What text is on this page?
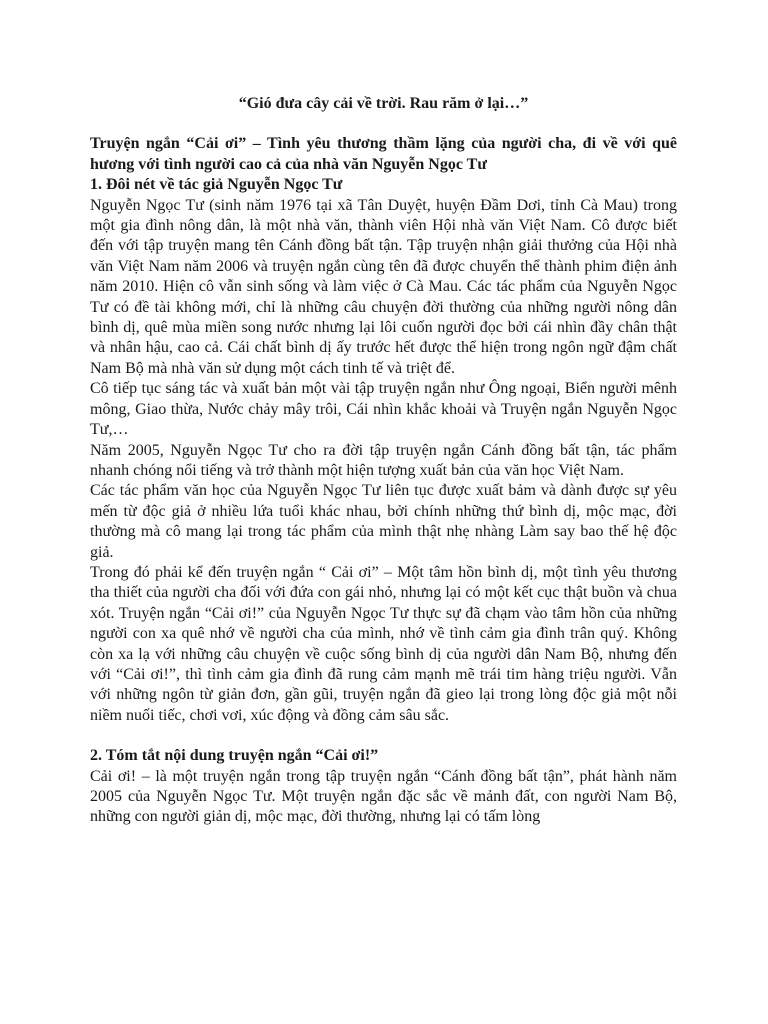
“Gió đưa cây cải về trời. Rau răm ở lại…”

Truyện ngắn “Cải ơi” – Tình yêu thương thầm lặng của người cha, đi về với quê hương với tình người cao cả của nhà văn Nguyễn Ngọc Tư

1. Đôi nét về tác giả Nguyễn Ngọc Tư

Nguyễn Ngọc Tư (sinh năm 1976 tại xã Tân Duyệt, huyện Đầm Dơi, tỉnh Cà Mau) trong một gia đình nông dân, là một nhà văn, thành viên Hội nhà văn Việt Nam. Cô được biết đến với tập truyện mang tên Cánh đồng bất tận. Tập truyện nhận giải thưởng của Hội nhà văn Việt Nam năm 2006 và truyện ngắn cùng tên đã được chuyển thể thành phim điện ảnh năm 2010. Hiện cô vẫn sinh sống và làm việc ở Cà Mau. Các tác phẩm của Nguyễn Ngọc Tư có đề tài không mới, chỉ là những câu chuyện đời thường của những người nông dân bình dị, quê mùa miền song nước nhưng lại lôi cuốn người đọc bởi cái nhìn đầy chân thật và nhân hậu, cao cả. Cái chất bình dị ấy trước hết được thể hiện trong ngôn ngữ đậm chất Nam Bộ mà nhà văn sử dụng một cách tinh tế và triệt để.

Cô tiếp tục sáng tác và xuất bản một vài tập truyện ngắn như Ông ngoại, Biển người mênh mông, Giao thừa, Nước chảy mây trôi, Cái nhìn khắc khoải và Truyện ngắn Nguyễn Ngọc Tư,…

Năm 2005, Nguyễn Ngọc Tư cho ra đời tập truyện ngắn Cánh đồng bất tận, tác phẩm nhanh chóng nổi tiếng và trở thành một hiện tượng xuất bản của văn học Việt Nam.

Các tác phẩm văn học của Nguyễn Ngọc Tư liên tục được xuất bảm và dành được sự yêu mến từ độc giả ở nhiều lứa tuổi khác nhau, bởi chính những thứ bình dị, mộc mạc, đời thường mà cô mang lại trong tác phẩm của mình thật nhẹ nhàng Làm say bao thế hệ độc giả.

Trong đó phải kể đến truyện ngắn “ Cải ơi” – Một tâm hồn bình dị, một tình yêu thương tha thiết của người cha đối với đứa con gái nhỏ, nhưng lại có một kết cục thật buồn và chua xót. Truyện ngắn “Cải ơi!” của Nguyễn Ngọc Tư thực sự đã chạm vào tâm hồn của những người con xa quê nhớ về người cha của mình, nhớ về tình cảm gia đình trân quý. Không còn xa lạ với những câu chuyện về cuộc sống bình dị của người dân Nam Bộ, nhưng đến với “Cải ơi!”, thì tình cảm gia đình đã rung cảm mạnh mẽ trái tim hàng triệu người. Vẫn với những ngôn từ giản đơn, gần gũi, truyện ngắn đã gieo lại trong lòng độc giả một nỗi niềm nuối tiếc, chơi vơi, xúc động và đồng cảm sâu sắc.

2. Tóm tắt nội dung truyện ngắn “Cải ơi!”

Cải ơi! – là một truyện ngắn trong tập truyện ngắn “Cánh đồng bất tận”, phát hành năm 2005 của Nguyễn Ngọc Tư. Một truyện ngắn đặc sắc về mảnh đất, con người Nam Bộ, những con người giản dị, mộc mạc, đời thường, nhưng lại có tấm lòng
